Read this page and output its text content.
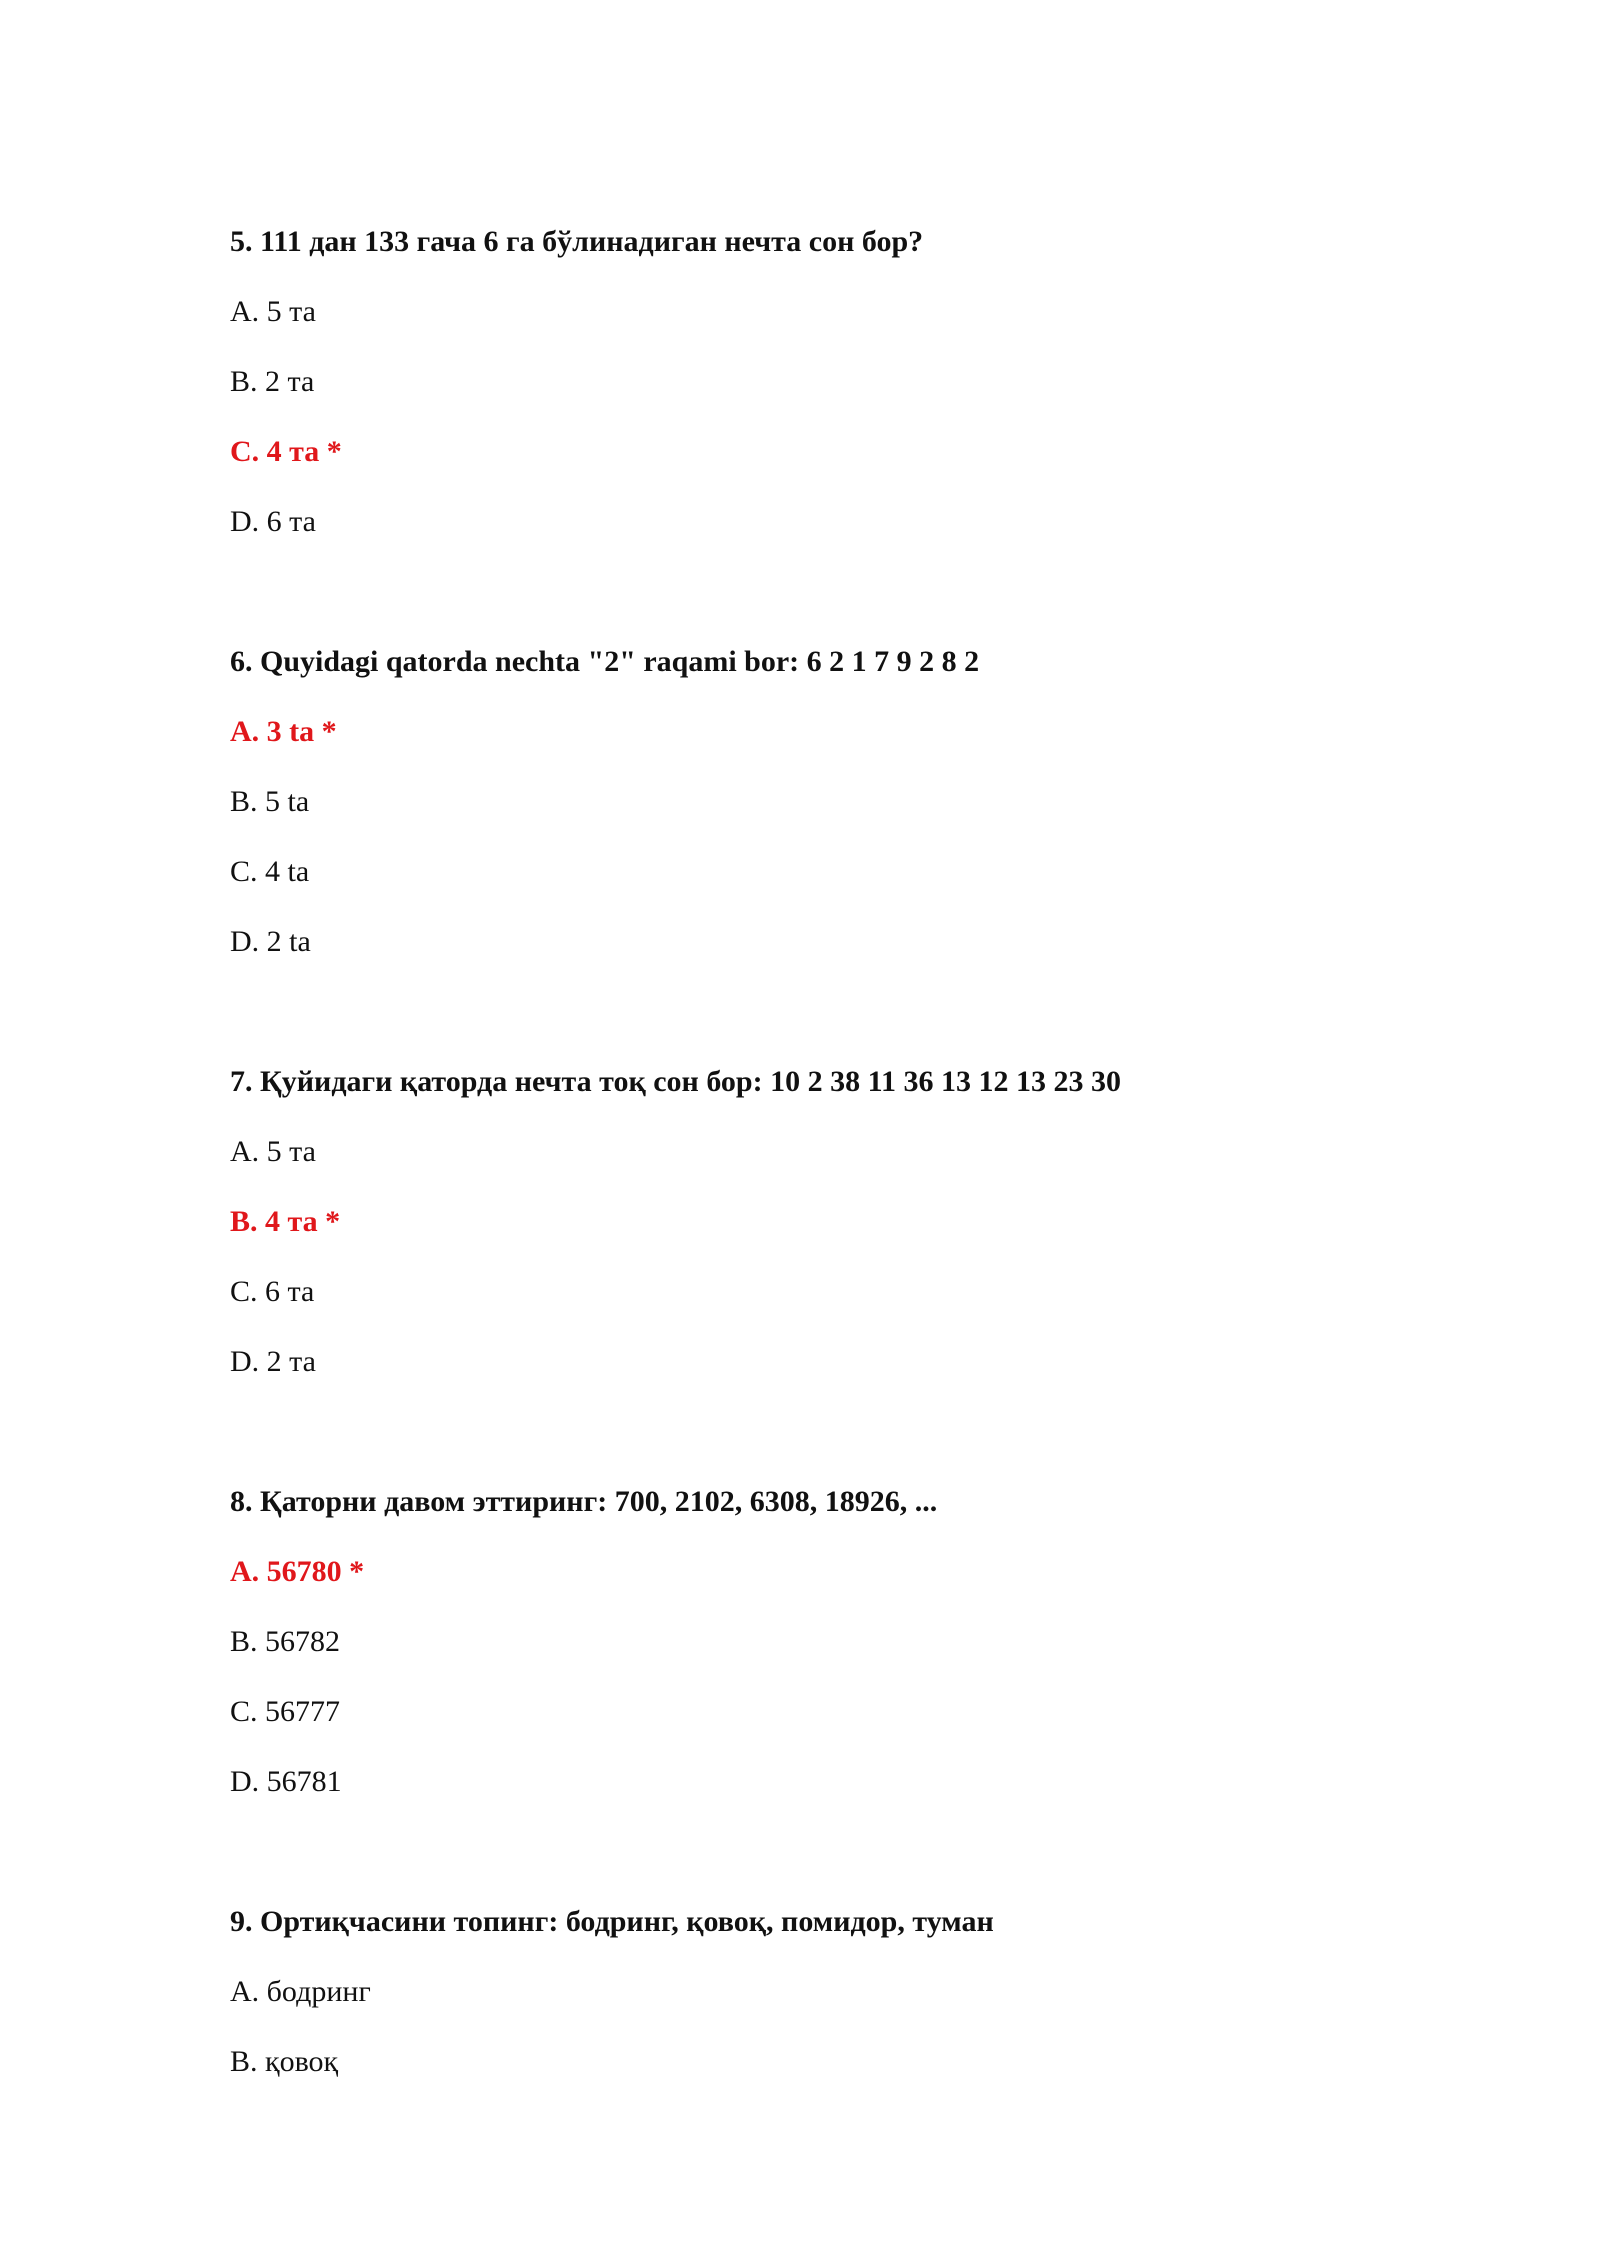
5. 111 дан 133 гача 6 га бўлинадиган нечта сон бор?
A. 5 та
B. 2 та
C. 4 та *
D. 6 та
6. Quyidagi qatorda nechta "2" raqami bor: 6 2 1 7 9 2 8 2
A. 3 ta *
B. 5 ta
C. 4 ta
D. 2 ta
7. Қуйидаги қаторда нечта тоқ сон бор: 10 2 38 11 36 13 12 13 23 30
A. 5 та
B. 4 та *
C. 6 та
D. 2 та
8. Қаторни давом эттиринг: 700, 2102, 6308, 18926, ...
A. 56780 *
B. 56782
C. 56777
D. 56781
9. Ортиқчасини топинг: бодринг, қовоқ, помидор, туман
A. бодринг
B. қовоқ
